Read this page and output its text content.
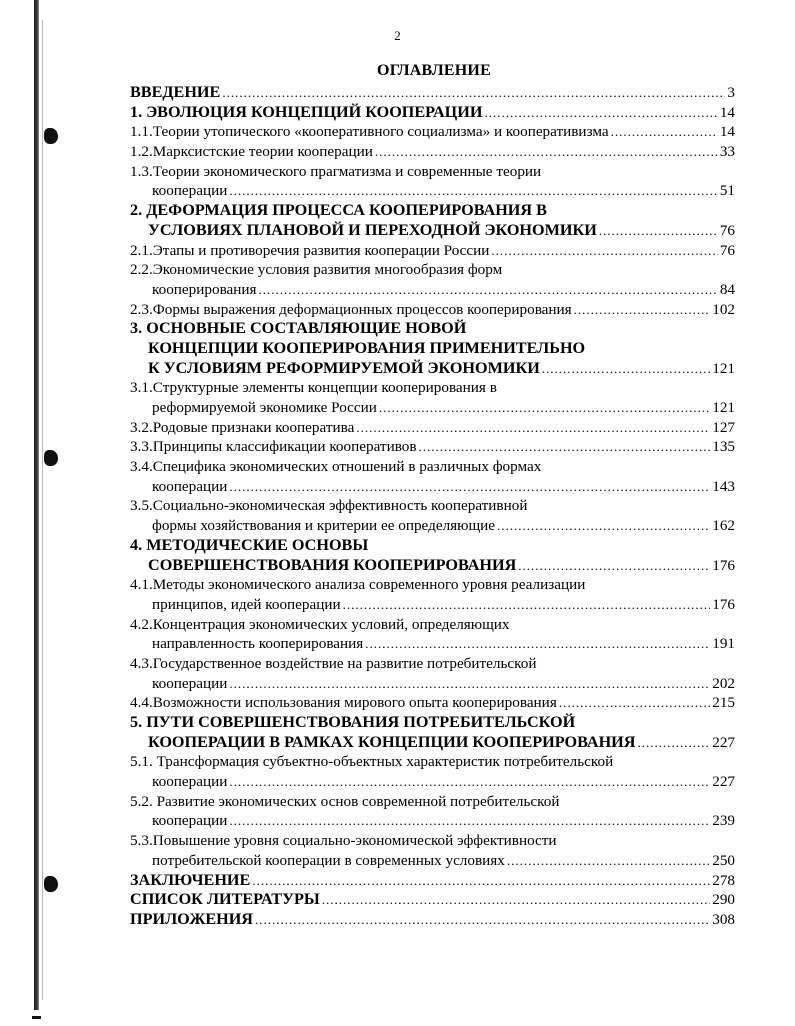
2
ОГЛАВЛЕНИЕ
ВВЕДЕНИЕ .....	3
1. ЭВОЛЮЦИЯ КОНЦЕПЦИЙ КООПЕРАЦИИ .....	14
1.1.Теории утопического «кооперативного социализма» и кооперативизма .....	14
1.2.Марксистские теории кооперации .....	33
1.3.Теории экономического прагматизма и современные теории
кооперации .....	51
2. ДЕФОРМАЦИЯ ПРОЦЕССА КООПЕРИРОВАНИЯ В
УСЛОВИЯХ ПЛАНОВОЙ И ПЕРЕХОДНОЙ ЭКОНОМИКИ .....	76
2.1.Этапы и противоречия развития кооперации России .....	76
2.2.Экономические условия развития многообразия форм
кооперирования .....	84
2.3.Формы выражения деформационных процессов кооперирования .....	102
3. ОСНОВНЫЕ СОСТАВЛЯЮЩИЕ НОВОЙ
КОНЦЕПЦИИ КООПЕРИРОВАНИЯ ПРИМЕНИТЕЛЬНО
К УСЛОВИЯМ РЕФОРМИРУЕМОЙ ЭКОНОМИКИ .....	121
3.1.Структурные элементы концепции кооперирования в
реформируемой экономике России .....	121
3.2.Родовые признаки кооператива .....	127
3.3.Принципы классификации кооперативов .....	135
3.4.Специфика экономических отношений в различных формах
кооперации .....	143
3.5.Социально-экономическая эффективность кооперативной
формы хозяйствования и критерии ее определяющие .....	162
4. МЕТОДИЧЕСКИЕ ОСНОВЫ
СОВЕРШЕНСТВОВАНИЯ КООПЕРИРОВАНИЯ .....	176
4.1.Методы экономического анализа современного уровня реализации
принципов, идей кооперации .....	176
4.2.Концентрация экономических условий, определяющих
направленность кооперирования .....	191
4.3.Государственное воздействие на развитие потребительской
кооперации .....	202
4.4.Возможности использования мирового опыта кооперирования .....	215
5. ПУТИ СОВЕРШЕНСТВОВАНИЯ ПОТРЕБИТЕЛЬСКОЙ
КООПЕРАЦИИ В РАМКАХ КОНЦЕПЦИИ КООПЕРИРОВАНИЯ .....	227
5.1. Трансформация субъектно-объектных характеристик потребительской
кооперации .....	227
5.2. Развитие экономических основ современной потребительской
кооперации .....	239
5.3.Повышение уровня социально-экономической эффективности
потребительской кооперации в современных условиях .....	250
ЗАКЛЮЧЕНИЕ .....	278
СПИСОК ЛИТЕРАТУРЫ .....	290
ПРИЛОЖЕНИЯ .....	308
